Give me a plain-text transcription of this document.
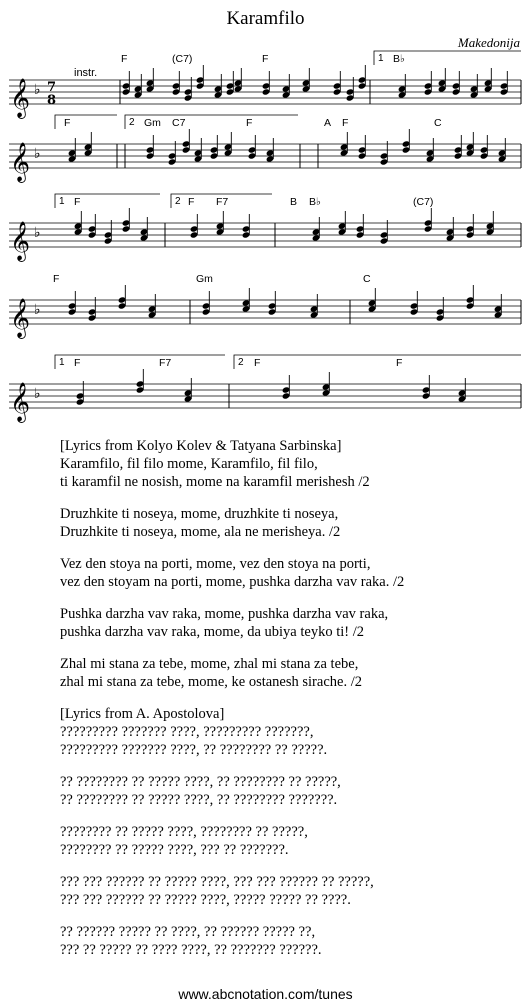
Karamfilo
Makedonija
instr.
𝄞 ♭ 7
8
F	(C7)	F	B♭
1
𝄞 ♭
F	Gm C7	F	A F	C
2
𝄞 ♭
F	F F7	B B♭	(C7)
1	2
𝄞 ♭
F	Gm	C
𝄞 ♭
F	F7	F	F
1	2
[Lyrics from Kolyo Kolev & Tatyana Sarbinska]
Karamfilo, fil filo mome, Karamfilo, fil filo,
ti karamfil ne nosish, mome na karamfil merishesh /2
Druzhkite ti noseya, mome, druzhkite ti noseya,
Druzhkite ti noseya, mome, ala ne merisheya. /2
Vez den stoya na porti, mome, vez den stoya na porti,
vez den stoyam na porti, mome, pushka darzha vav raka. /2
Pushka darzha vav raka, mome, pushka darzha vav raka,
pushka darzha vav raka, mome, da ubiya teyko ti! /2
Zhal mi stana za tebe, mome, zhal mi stana za tebe,
zhal mi stana za tebe, mome, ke ostanesh sirache. /2
[Lyrics from A. Apostolova]
????????? ??????? ????, ????????? ???????,
????????? ??????? ????, ?? ???????? ?? ?????.
?? ???????? ?? ????? ????, ?? ???????? ?? ?????,
?? ???????? ?? ????? ????, ?? ???????? ???????.
???????? ?? ????? ????, ???????? ?? ?????,
???????? ?? ????? ????, ??? ?? ???????.
??? ??? ?????? ?? ????? ????, ??? ??? ?????? ?? ?????,
??? ??? ?????? ?? ????? ????, ????? ????? ?? ????.
?? ?????? ????? ?? ????, ?? ?????? ????? ??,
??? ?? ????? ?? ???? ????, ?? ??????? ??????.
www.abcnotation.com/tunes
